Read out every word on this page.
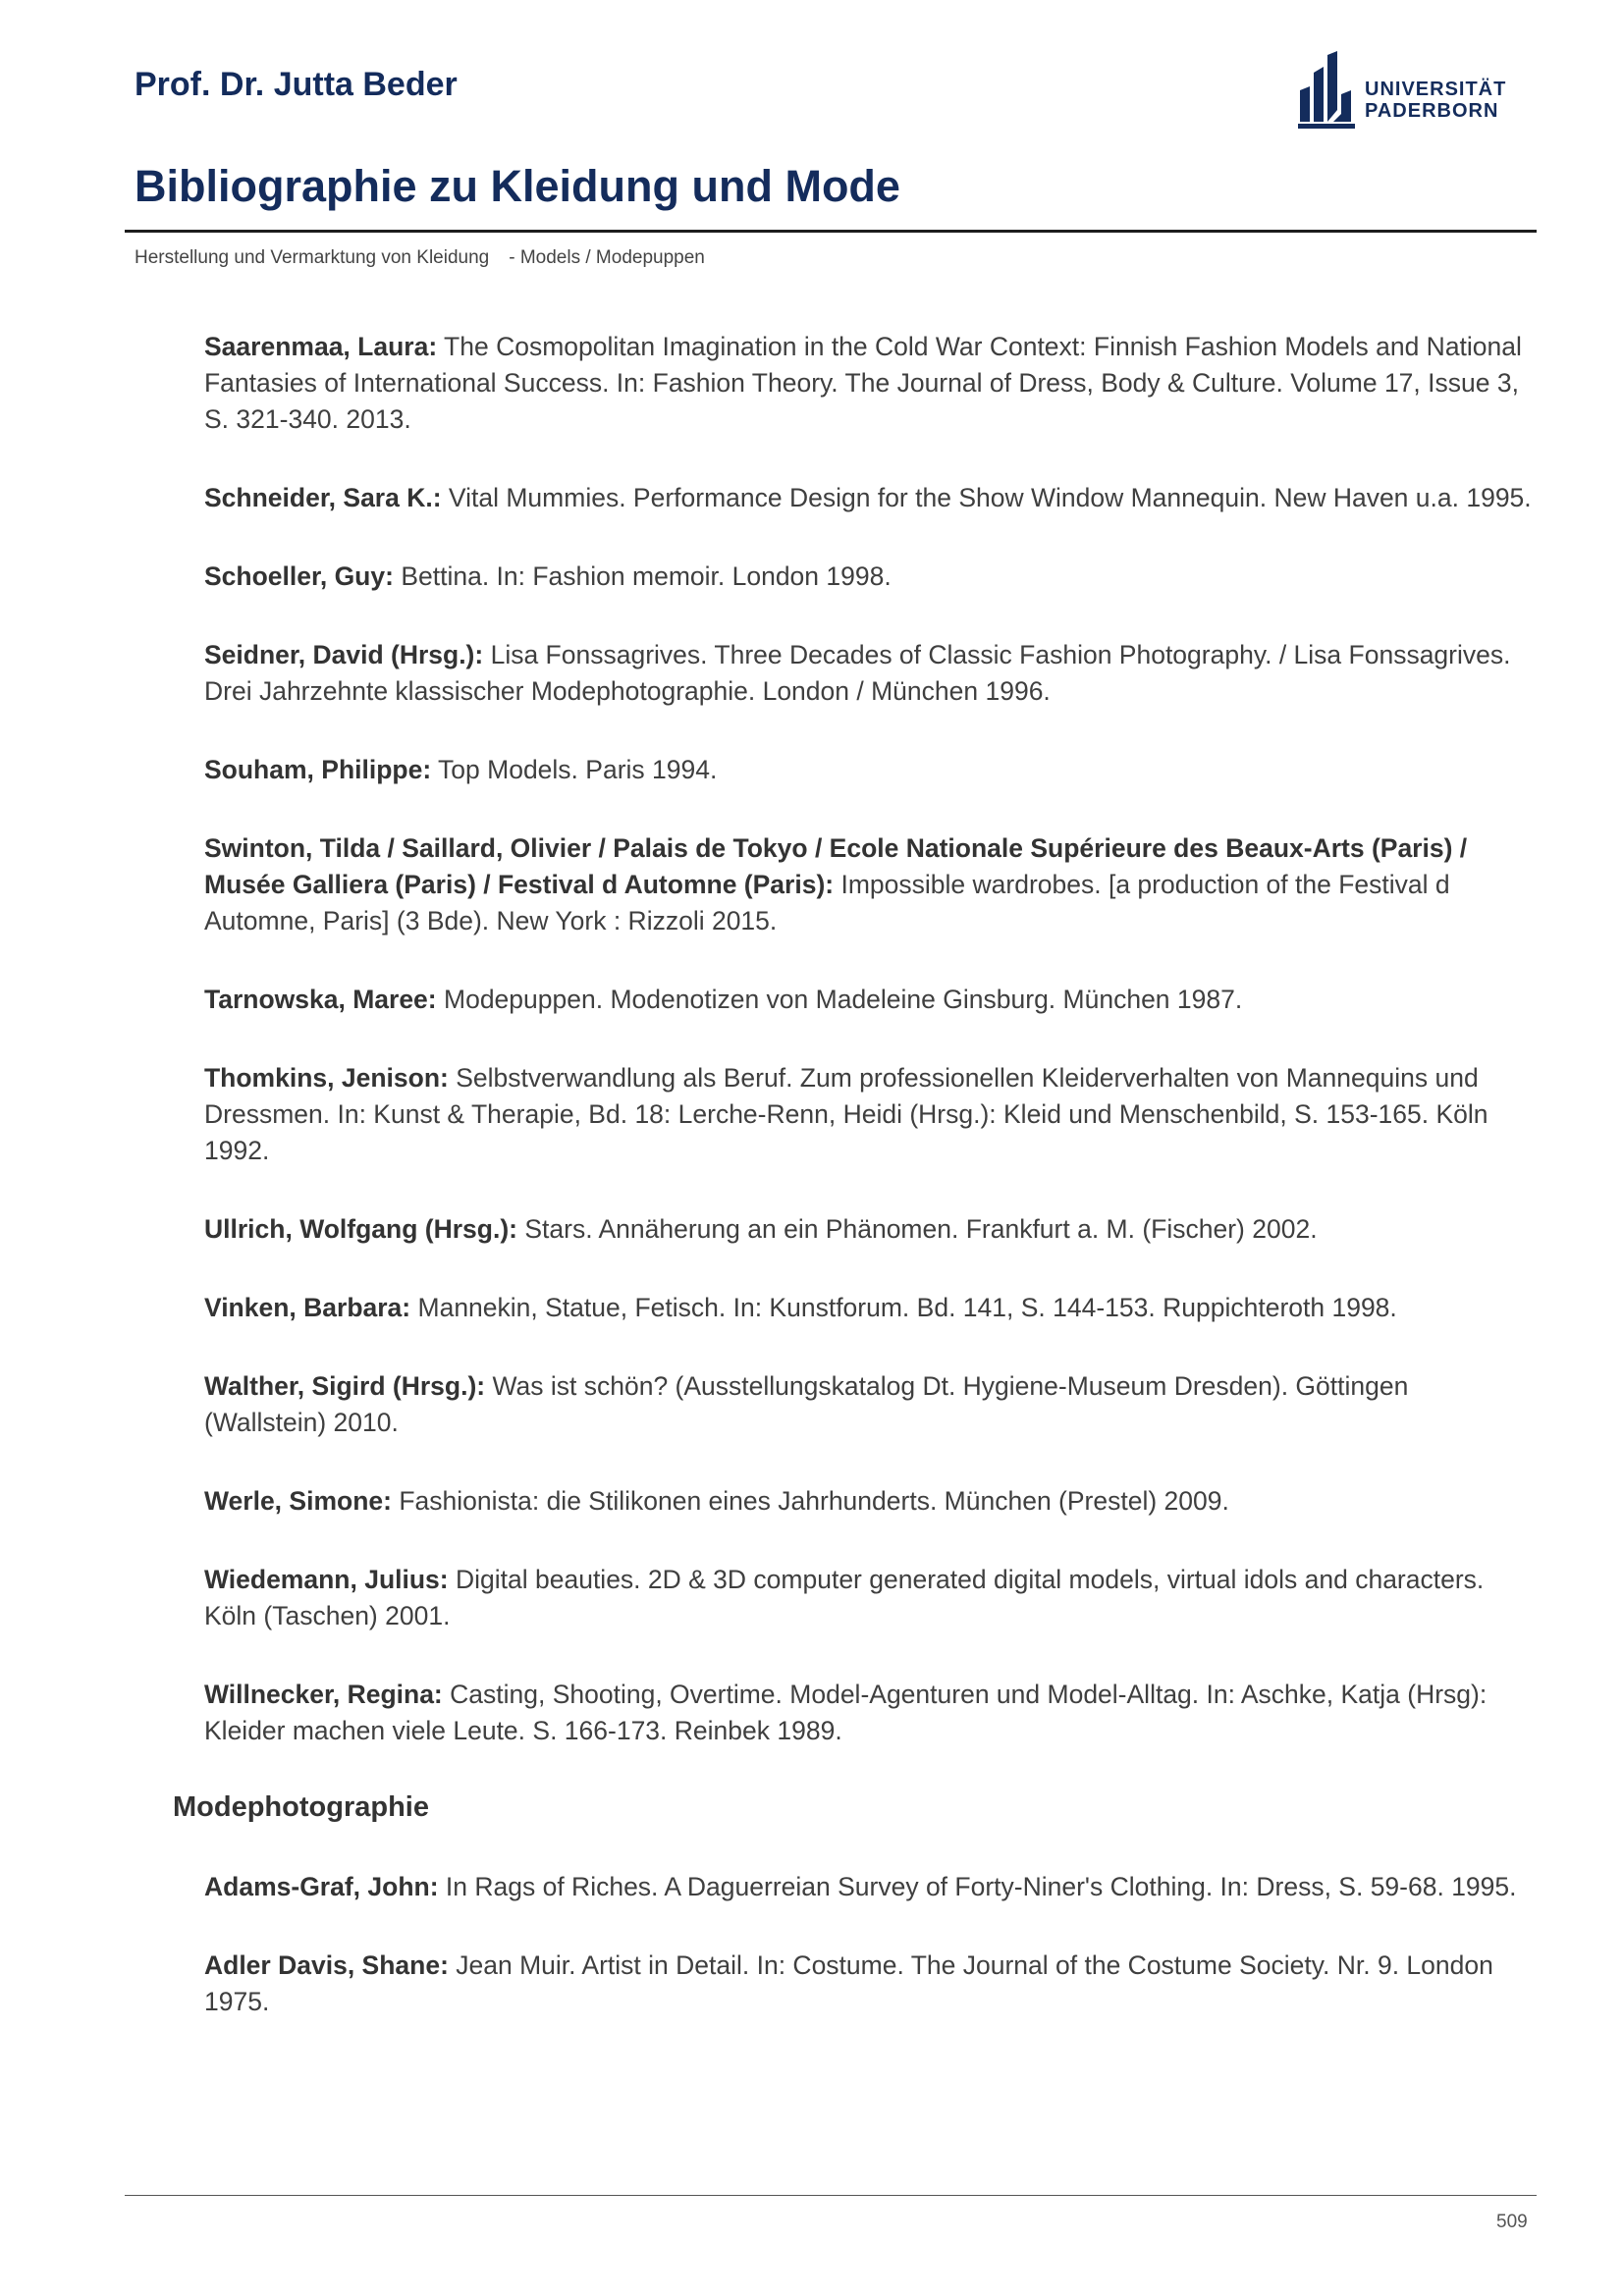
Prof. Dr. Jutta Beder	UNIVERSITÄT
PADERBORN
Bibliographie zu Kleidung und Mode
Herstellung und Vermarktung von Kleidung - Models / Modepuppen

Saarenmaa, Laura: The Cosmopolitan Imagination in the Cold War Context: Finnish Fashion Models and National Fantasies of International Success. In: Fashion Theory. The Journal of Dress, Body & Culture. Volume 17, Issue 3, S. 321-340. 2013.

Schneider, Sara K.: Vital Mummies. Performance Design for the Show Window Mannequin. New Haven u.a. 1995.

Schoeller, Guy: Bettina. In: Fashion memoir. London 1998.

Seidner, David (Hrsg.): Lisa Fonssagrives. Three Decades of Classic Fashion Photography. / Lisa Fonssagrives. Drei Jahrzehnte klassischer Modephotographie. London / München 1996.

Souham, Philippe: Top Models. Paris 1994.

Swinton, Tilda / Saillard, Olivier / Palais de Tokyo / Ecole Nationale Supérieure des Beaux-Arts (Paris) / Musée Galliera (Paris) / Festival d Automne (Paris): Impossible wardrobes. [a production of the Festival d Automne, Paris] (3 Bde). New York : Rizzoli 2015.

Tarnowska, Maree: Modepuppen. Modenotizen von Madeleine Ginsburg. München 1987.

Thomkins, Jenison: Selbstverwandlung als Beruf. Zum professionellen Kleiderverhalten von Mannequins und Dressmen. In: Kunst & Therapie, Bd. 18: Lerche-Renn, Heidi (Hrsg.): Kleid und Menschenbild, S. 153-165. Köln 1992.

Ullrich, Wolfgang (Hrsg.): Stars. Annäherung an ein Phänomen. Frankfurt a. M. (Fischer) 2002.

Vinken, Barbara: Mannekin, Statue, Fetisch. In: Kunstforum. Bd. 141, S. 144-153. Ruppichteroth 1998.

Walther, Sigird (Hrsg.): Was ist schön? (Ausstellungskatalog Dt. Hygiene-Museum Dresden). Göttingen (Wallstein) 2010.

Werle, Simone: Fashionista: die Stilikonen eines Jahrhunderts. München (Prestel) 2009.

Wiedemann, Julius: Digital beauties. 2D & 3D computer generated digital models, virtual idols and characters. Köln (Taschen) 2001.

Willnecker, Regina: Casting, Shooting, Overtime. Model-Agenturen und Model-Alltag. In: Aschke, Katja (Hrsg): Kleider machen viele Leute. S. 166-173. Reinbek 1989.

Modephotographie

Adams-Graf, John: In Rags of Riches. A Daguerreian Survey of Forty-Niner's Clothing. In: Dress, S. 59-68. 1995.

Adler Davis, Shane: Jean Muir. Artist in Detail. In: Costume. The Journal of the Costume Society. Nr. 9. London 1975.

509
